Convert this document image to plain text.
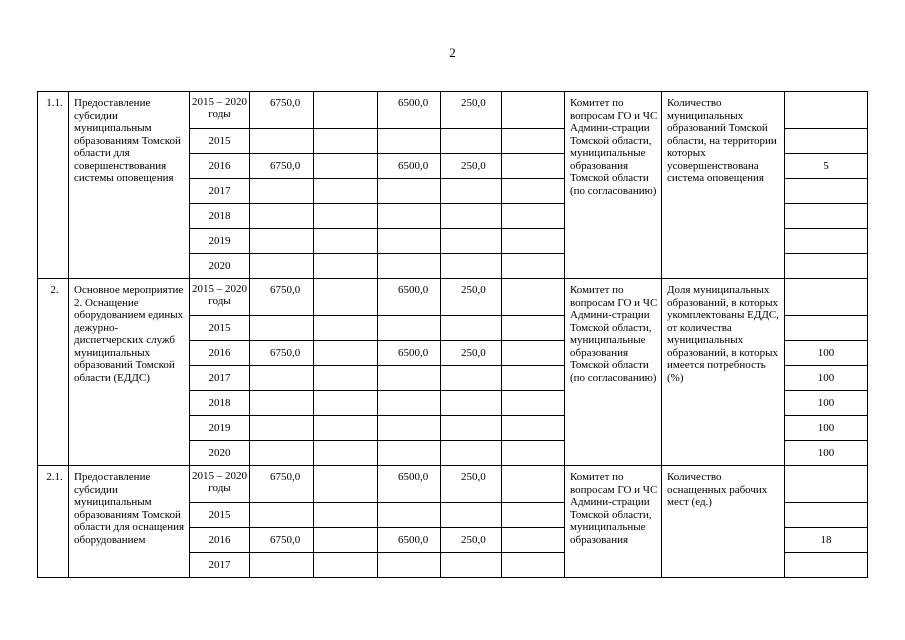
2
1.1.	Предоставление субсидии муниципальным образованиям Томской области для совершенствования системы оповещения	2015 – 2020 годы	6750,0		6500,0	250,0		Комитет по вопросам ГО и ЧС Админи-страции Томской области, муниципальные образования Томской области (по согласованию)	Количество муниципальных образований Томской области, на территории которых усовершенствована система оповещения	
		2015								
		2016	6750,0		6500,0	250,0				5
		2017								
		2018								
		2019								
		2020								
2.	Основное мероприятие 2. Оснащение оборудованием единых дежурно-диспетчерских служб муниципальных образований Томской области (ЕДДС)	2015 – 2020 годы	6750,0		6500,0	250,0		Комитет по вопросам ГО и ЧС Админи-страции Томской области, муниципальные образования Томской области (по согласованию)	Доля муниципальных образований, в которых укомплектованы ЕДДС, от количества муниципальных образований, в которых имеется потребность (%)	
		2015								
		2016	6750,0		6500,0	250,0				100
		2017								100
		2018								100
		2019								100
		2020								100
2.1.	Предоставление субсидии муниципальным образованиям Томской области для оснащения оборудованием	2015 – 2020 годы	6750,0		6500,0	250,0		Комитет по вопросам ГО и ЧС Админи-страции Томской области, муниципальные образования	Количество оснащенных рабочих мест (ед.)	
		2015								
		2016	6750,0		6500,0	250,0				18
		2017								
